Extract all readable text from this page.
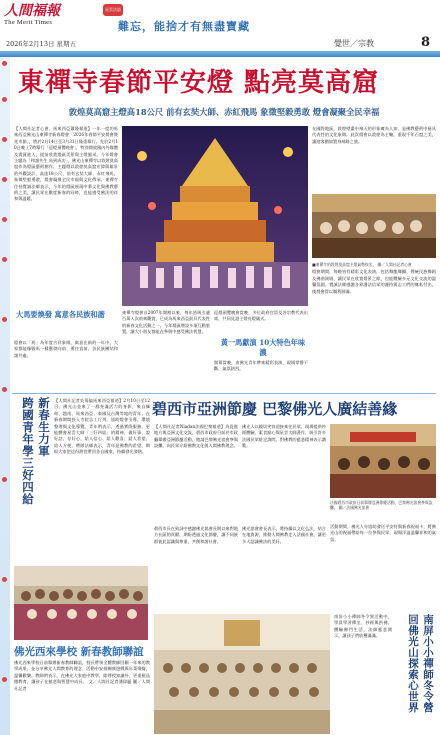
人間福報
The Merit Times
星雲法語
難忘，能捨才有無盡寶藏
2026年2月13日 星期五	覺世／宗教	8
東禪寺春節平安燈 點亮莫高窟
敦煌莫高窟主燈高18公尺 前有玄奘大師、赤紅飛馬 象徵堅毅勇敢 燈會凝聚全民幸福
【人間社記者心會、馬來西亞蕭隆報道】一年一度的馬來西亞佛光山東禪寺新春燈會「2026年春節平安燈會暨花市節」，將於2月14日至3月31日隆重舉行。先於2月10日晚上7時舉行「巡燈預覽晚會」，特別開放國內外媒體及貴賓進入，提前欣賞燈區美景與主燈風采。今年燈會主題為「和諧共生 馬到成功」，佛光山東禪寺以敦煌莫高窟作為燈區藝術創作，主題燈以敦煌莫高窟宏偉與雄壯的外觀設計，高達18公尺，前有玄奘大師、赤紅飛馬，象徵堅毅勇敢，燈會凝聚全民幸福與文化傳承。東禪寺住持覺誠法師表示，今年的燈區展現中華文化與佛教藝術之美，讓民眾在歡度新春的同時，也能感受佛法的祥和與溫暖。
在國際地區，敦煌壁畫中飛天的形象廣為人知，是佛教藝術中極具代表性的文化象徵。此次燈會以敦煌為主軸，重現千年石窟之美，讓遊客猶如置身絲路之旅。
■東禪寺的敦煌莫高窟主燈氣勢恢宏。 圖／人間社記者心會
燈會期間，每晚皆有精彩文化表演，包括舞龍舞獅、傳統民族舞蹈及佛曲演唱，讓民眾在欣賞燈景之餘，也能體驗多元文化交流的溫馨氛圍。覺誠法師感謝各界護法信眾的護持與志工們的無私付出，使燈會得以順利圓滿。
大馬要煥發 寓意各民族和諧
燈會以「馬」為年度吉祥象徵，寓意在新的一年中，大家都能像駿馬一樣奮發向前、勇往直前，各民族團結和諧共處。
東禪寺燈會自2007年開辦以來，每年皆吸引逾百萬人次前來觀賞，已成為馬來西亞最具代表性的新春文化活動之一。今年燈區增設多項互動裝置，讓大小朋友都能在參與中感受佛法智慧。
巡燈預覽晚會當晚，多位政府官員及各宗教代表出席，共同見證主燈亮燈儀式。
黃一馬獻演 10大特色年味濃
開幕當晚，由佛光青年帶來精彩表演，現場掌聲不斷，氣氛熱烈。
新春生力軍
跨國青年學三好四給	【人間社記者吳瑤倫馬來西亞報道】2月10日至12日，佛光山並來了一群充滿活力的身影，來自緬甸、越南、馬來西亞、泰國及台灣等地的青年，在新春期間投入寺院志工行列，協助燈會引導、環境整理與文化導覽。青年們表示，透過實際服務，更能體會星雲大師「三好四給」的精神，做好事、說好話、存好心，給人信心、給人歡喜、給人希望、給人方便。帶隊法師表示，青年是佛教的希望，期盼大家把這份熱忱帶回各自國家，持續發光發熱。
佛光西來學校 新春教師聯誼
佛光西來學校日前舉辦新春教師聯誼，校長帶領全體教師回顧一年來的教學成果，並分享佛光人間教育的理念。活動中安排團康遊戲與年菜聚餐，溫馨歡樂。教師們表示，在佛光大家庭中教學，除傳授知識外，更重視品德教育，讓孩子在慈悲與智慧中成長。 文／人間社記者潘偉麗 圖／人間社記者
碧西市亞洲節慶 巴黎佛光人廣結善緣
【人間社記者Niadan法國巴黎報道】為促進地方與亞洲文化交流，碧西市政府日前於市政廳舉辦亞洲節慶活動，邀請巴黎佛光協會參與設攤，向民眾介紹佛教文化與人間佛教理念。
佛光人以親切笑容迎接來往民眾，現場提供抄經體驗、素食點心與星雲大師著作，吸引許多法國民眾駐足詢問，對佛教的慈悲精神表示讚歎。
法國碧西市政府日前舉辦亞洲節慶活動，巴黎佛光協會參與設攤。 圖／法國佛光協會
碧西市長在致詞中感謝佛光協會長期以來對地方社區的貢獻，期盼透過文化節慶，讓不同族群彼此認識與尊重，共創和諧社會。
佛光協會會長表示，將持續以文化弘法，結合在地資源，推動人間佛教走入法國社會，讓更多人認識佛法的美好。
活動期間，佛光人亦協助發送平安符與新春祝福卡，將佛光山的祝福帶給每一位參與民眾，現場洋溢溫馨祥和的氣氛。
南屏小小禪師冬令營活動中，學員學習禪坐、抄經與供佛，體驗佛門生活，法師慈悲開示，讓孩子們收穫滿滿。	南屏小小禪師冬令營
回佛光山探索心世界
